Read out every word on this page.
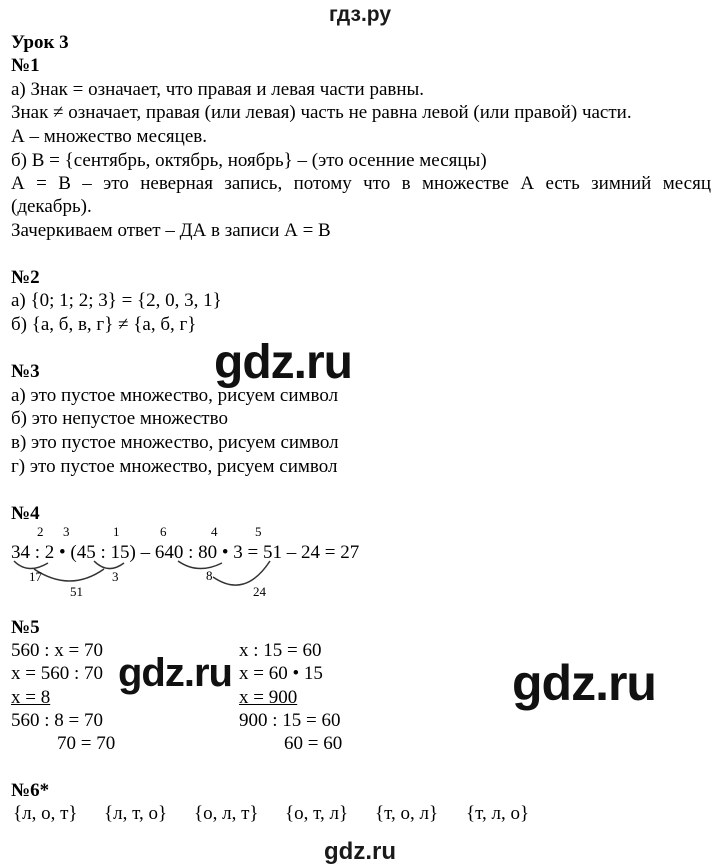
гдз.ру
Урок 3
№1
а) Знак = означает, что правая и левая части равны.
Знак ≠ означает, правая (или левая) часть не равна левой (или правой) части.
А – множество месяцев.
б) В = {сентябрь, октябрь, ноябрь} – (это осенние месяцы)
А = В – это неверная запись, потому что в множестве А есть зимний месяц
(декабрь).
Зачеркиваем ответ – ДА в записи А = В
№2
а) {0; 1; 2; 3} = {2, 0, 3, 1}
б) {а, б, в, г} ≠ {а, б, г}
gdz.ru
№3
а) это пустое множество, рисуем символ
б) это непустое множество
в) это пустое множество, рисуем символ
г) это пустое множество, рисуем символ
№4
2 3	1	6	4	5
34 : 2 • (45 : 15) – 640 : 80 • 3 = 51 – 24 = 27
17	3
51
8
24
№5
560 : x = 70
x = 560 : 70
x = 8
560 : 8 = 70
70 = 70
x : 15 = 60
x = 60 • 15
x = 900
900 : 15 = 60
60 = 60
gdz.ru	gdz.ru
№6*
{л, о, т} {л, т, о} {о, л, т} {о, т, л} {т, о, л} {т, л, о}
gdz.ru
